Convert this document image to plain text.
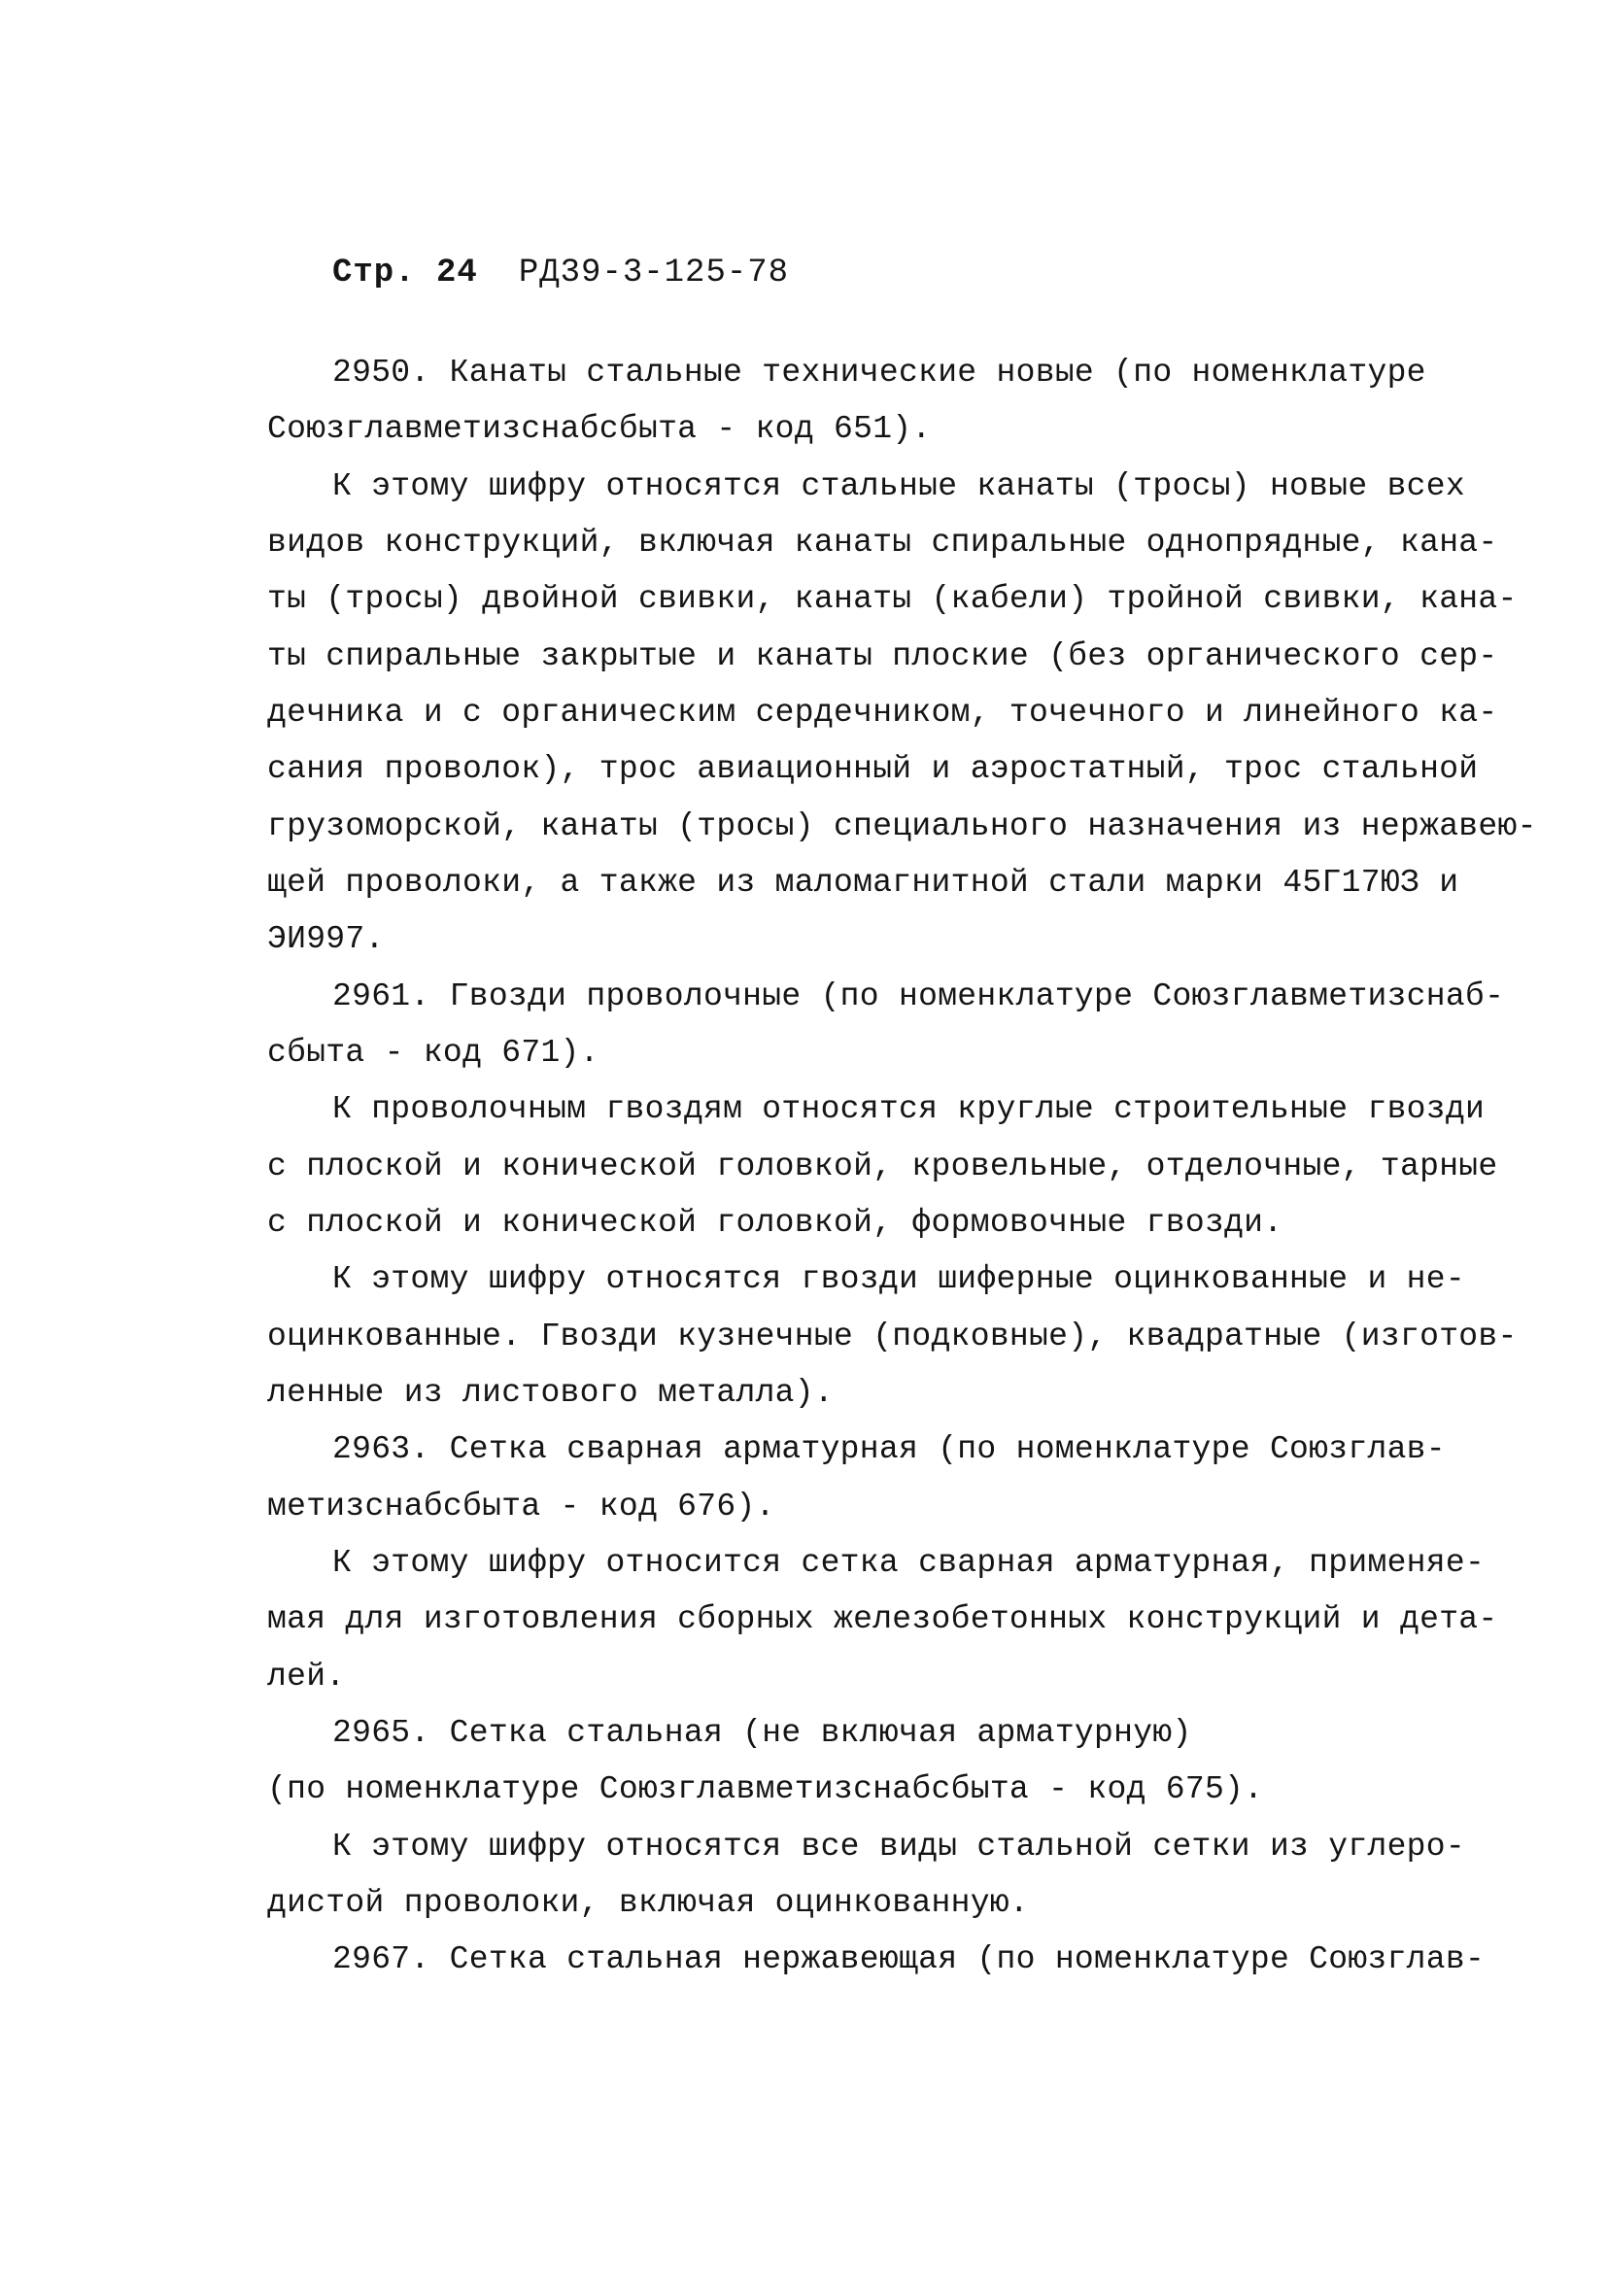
Стр. 24 РД39-3-125-78
2950. Канаты стальные технические новые (по номенклатуре
Союзглавметизснабсбыта - код 651).
К этому шифру относятся стальные канаты (тросы) новые всех
видов конструкций, включая канаты спиральные однопрядные, кана-
ты (тросы) двойной свивки, канаты (кабели) тройной свивки, кана-
ты спиральные закрытые и канаты плоские (без органического сер-
дечника и с органическим сердечником, точечного и линейного ка-
сания проволок), трос авиационный и аэростатный, трос стальной
грузоморской, канаты (тросы) специального назначения из нержавею-
щей проволоки, а также из маломагнитной стали марки 45Г17ЮЗ и
ЭИ997.
2961. Гвозди проволочные (по номенклатуре Союзглавметизснаб-
сбыта - код 671).
К проволочным гвоздям относятся круглые строительные гвозди
с плоской и конической головкой, кровельные, отделочные, тарные
с плоской и конической головкой, формовочные гвозди.
К этому шифру относятся гвозди шиферные оцинкованные и не-
оцинкованные. Гвозди кузнечные (подковные), квадратные (изготов-
ленные из листового металла).
2963. Сетка сварная арматурная (по номенклатуре Союзглав-
метизснабсбыта - код 676).
К этому шифру относится сетка сварная арматурная, применяе-
мая для изготовления сборных железобетонных конструкций и дета-
лей.
2965. Сетка стальная (не включая арматурную)
(по номенклатуре Союзглавметизснабсбыта - код 675).
К этому шифру относятся все виды стальной сетки из углеро-
дистой проволоки, включая оцинкованную.
2967. Сетка стальная нержавеющая (по номенклатуре Союзглав-
